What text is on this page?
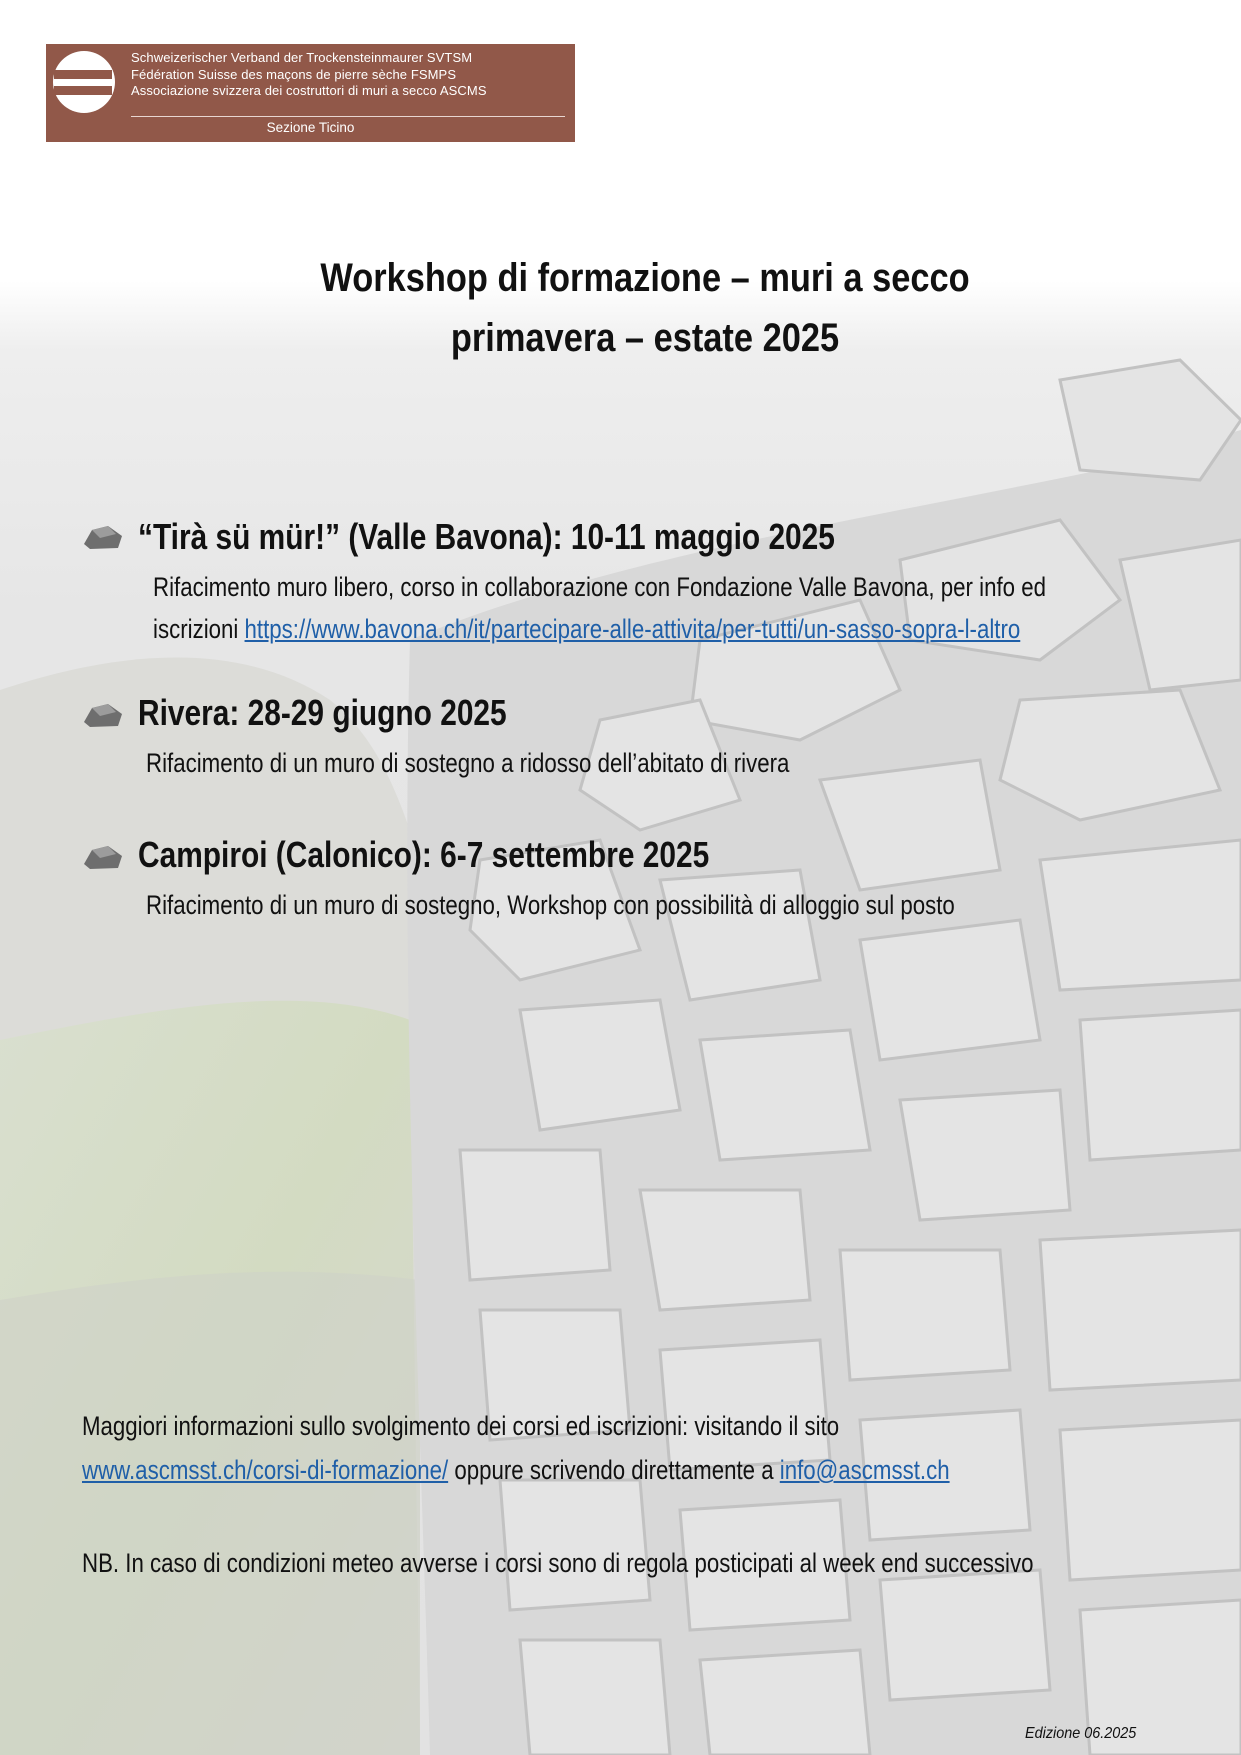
Schweizerischer Verband der Trockensteinmaurer SVTSM
Fédération Suisse des maçons de pierre sèche FSMPS
Associazione svizzera dei costruttori di muri a secco ASCMS
Sezione Ticino
Workshop di formazione – muri a secco
primavera – estate 2025
“Tirà sü mür!” (Valle Bavona): 10-11 maggio 2025
Rifacimento muro libero, corso in collaborazione con Fondazione Valle Bavona, per info ed
iscrizioni https://www.bavona.ch/it/partecipare-alle-attivita/per-tutti/un-sasso-sopra-l-altro
Rivera: 28-29 giugno 2025
Rifacimento di un muro di sostegno a ridosso dell’abitato di rivera
Campiroi (Calonico): 6-7 settembre 2025
Rifacimento di un muro di sostegno, Workshop con possibilità di alloggio sul posto
Maggiori informazioni sullo svolgimento dei corsi ed iscrizioni: visitando il sito
www.ascmsst.ch/corsi-di-formazione/ oppure scrivendo direttamente a info@ascmsst.ch
NB. In caso di condizioni meteo avverse i corsi sono di regola posticipati al week end successivo
Edizione 06.2025
